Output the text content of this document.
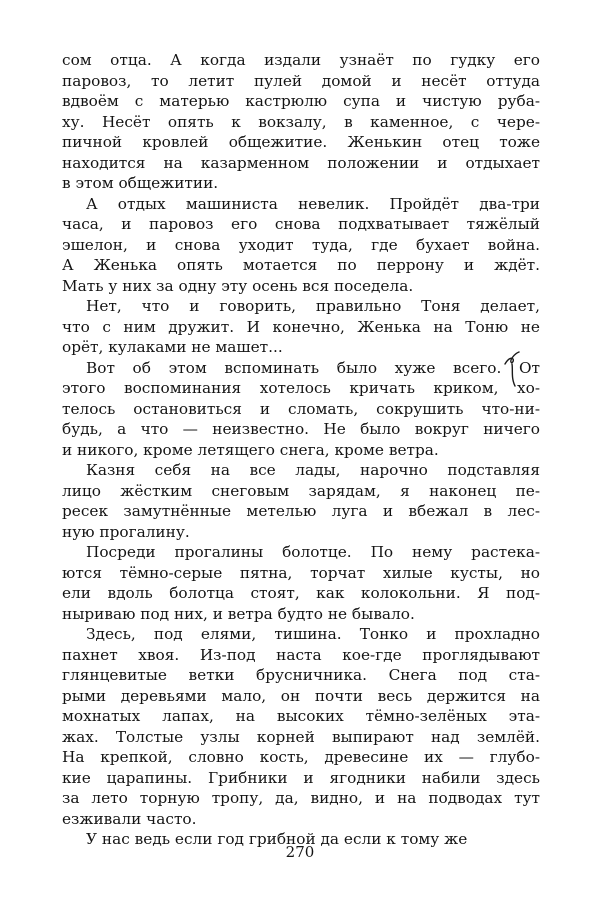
сом отца. А когда издали узнаёт по гудку его
паровоз, то летит пулей домой и несёт оттуда
вдвоём с матерью кастрюлю супа и чистую руба-
ху. Несёт опять к вокзалу, в каменное, с чере-
пичной кровлей общежитие. Женькин отец тоже
находится на казарменном положении и отдыхает
в этом общежитии.
А отдых машиниста невелик. Пройдёт два-три
часа, и паровоз его снова подхватывает тяжёлый
эшелон, и снова уходит туда, где бухает война.
А Женька опять мотается по перрону и ждёт.
Мать у них за одну эту осень вся поседела.
Нет, что и говорить, правильно Тоня делает,
что с ним дружит. И конечно, Женька на Тоню не
орёт, кулаками не машет...
Вот об этом вспоминать было хуже всего. От
этого воспоминания хотелось кричать криком, хо-
телось остановиться и сломать, сокрушить что-ни-
будь, а что — неизвестно. Не было вокруг ничего
и никого, кроме летящего снега, кроме ветра.
Казня себя на все лады, нарочно подставляя
лицо жёстким снеговым зарядам, я наконец пе-
ресек замутнённые метелью луга и вбежал в лес-
ную прогалину.
Посреди прогалины болотце. По нему растека-
ются тёмно-серые пятна, торчат хилые кусты, но
ели вдоль болотца стоят, как колокольни. Я под-
ныриваю под них, и ветра будто не бывало.
Здесь, под елями, тишина. Тонко и прохладно
пахнет хвоя. Из-под наста кое-где проглядывают
глянцевитые ветки брусничника. Снега под ста-
рыми деревьями мало, он почти весь держится на
мохнатых лапах, на высоких тёмно-зелёных эта-
жах. Толстые узлы корней выпирают над землёй.
На крепкой, словно кость, древесине их — глубо-
кие царапины. Грибники и ягодники набили здесь
за лето торную тропу, да, видно, и на подводах тут
езживали часто.
У нас ведь если год грибной да если к тому же
270
